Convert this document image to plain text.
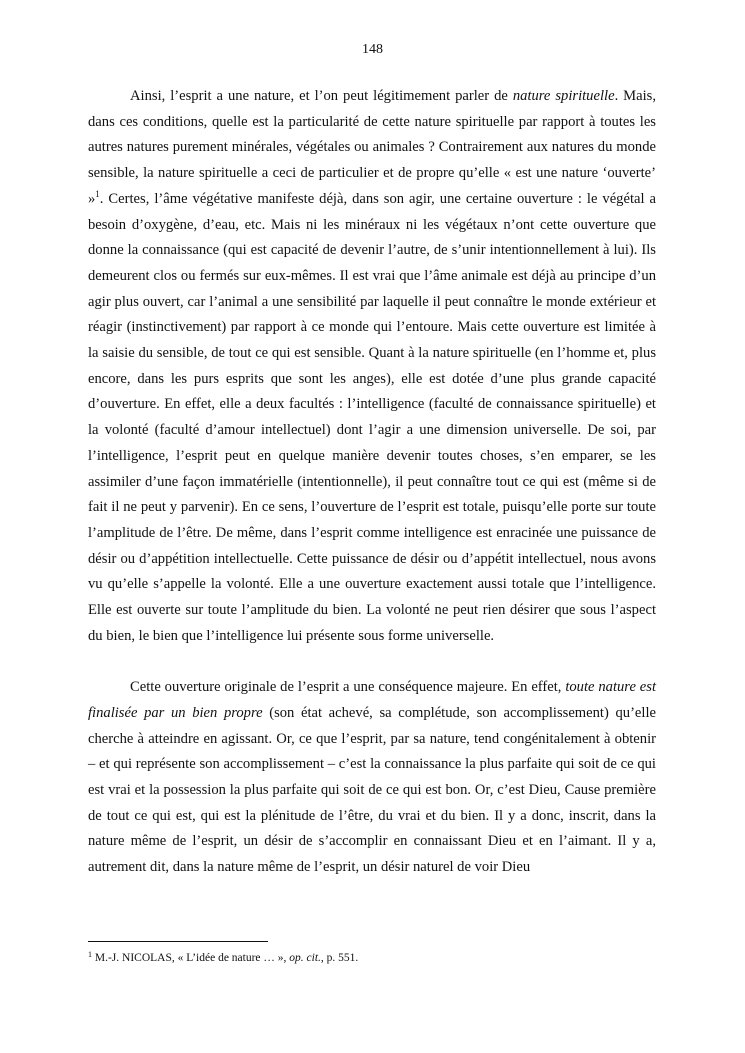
148

Ainsi, l’esprit a une nature, et l’on peut légitimement parler de nature spirituelle. Mais, dans ces conditions, quelle est la particularité de cette nature spirituelle par rapport à toutes les autres natures purement minérales, végétales ou animales ? Contrairement aux natures du monde sensible, la nature spirituelle a ceci de particulier et de propre qu’elle « est une nature ‘ouverte’ »$^1$. Certes, l’âme végétative manifeste déjà, dans son agir, une certaine ouverture : le végétal a besoin d’oxygène, d’eau, etc. Mais ni les minéraux ni les végétaux n’ont cette ouverture que donne la connaissance (qui est capacité de devenir l’autre, de s’unir intentionnellement à lui). Ils demeurent clos ou fermés sur eux-mêmes. Il est vrai que l’âme animale est déjà au principe d’un agir plus ouvert, car l’animal a une sensibilité par laquelle il peut connaître le monde extérieur et réagir (instinctivement) par rapport à ce monde qui l’entoure. Mais cette ouverture est limitée à la saisie du sensible, de tout ce qui est sensible. Quant à la nature spirituelle (en l’homme et, plus encore, dans les purs esprits que sont les anges), elle est dotée d’une plus grande capacité d’ouverture. En effet, elle a deux facultés : l’intelligence (faculté de connaissance spirituelle) et la volonté (faculté d’amour intellectuel) dont l’agir a une dimension universelle. De soi, par l’intelligence, l’esprit peut en quelque manière devenir toutes choses, s’en emparer, se les assimiler d’une façon immatérielle (intentionnelle), il peut connaître tout ce qui est (même si de fait il ne peut y parvenir). En ce sens, l’ouverture de l’esprit est totale, puisqu’elle porte sur toute l’amplitude de l’être. De même, dans l’esprit comme intelligence est enracinée une puissance de désir ou d’appétition intellectuelle. Cette puissance de désir ou d’appétit intellectuel, nous avons vu qu’elle s’appelle la volonté. Elle a une ouverture exactement aussi totale que l’intelligence. Elle est ouverte sur toute l’amplitude du bien. La volonté ne peut rien désirer que sous l’aspect du bien, le bien que l’intelligence lui présente sous forme universelle.

Cette ouverture originale de l’esprit a une conséquence majeure. En effet, toute nature est finalisée par un bien propre (son état achevé, sa complétude, son accomplissement) qu’elle cherche à atteindre en agissant. Or, ce que l’esprit, par sa nature, tend congénitalement à obtenir – et qui représente son accomplissement – c’est la connaissance la plus parfaite qui soit de ce qui est vrai et la possession la plus parfaite qui soit de ce qui est bon. Or, c’est Dieu, Cause première de tout ce qui est, qui est la plénitude de l’être, du vrai et du bien. Il y a donc, inscrit, dans la nature même de l’esprit, un désir de s’accomplir en connaissant Dieu et en l’aimant. Il y a, autrement dit, dans la nature même de l’esprit, un désir naturel de voir Dieu

$^1$ M.-J. NICOLAS, « L’idée de nature … », op. cit., p. 551.
